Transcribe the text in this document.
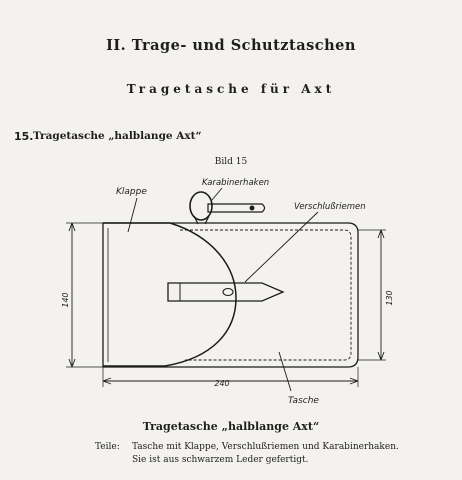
II. Trage- und Schutztaschen
Tragetasche für Axt
15. Tragetasche „halblange Axt“
Bild 15
Klappe
Karabinerhaken
Verschlußriemen
Tasche
140	130
240
Tragetasche „halblange Axt“
Teile: Tasche mit Klappe, Verschlußriemen und Karabinerhaken.
Sie ist aus schwarzem Leder gefertigt.
